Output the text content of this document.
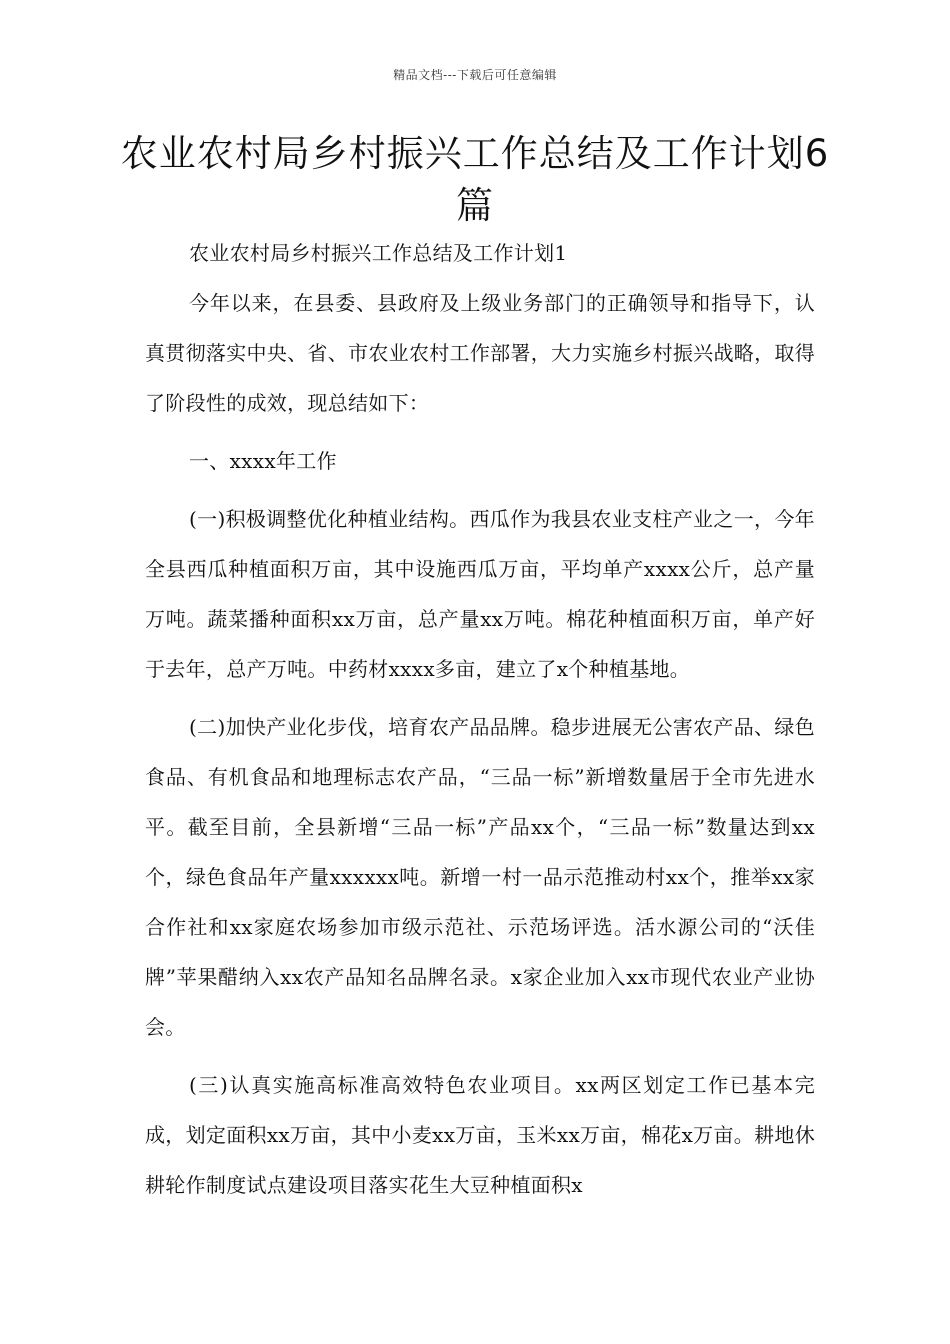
精品文档---下载后可任意编辑
农业农村局乡村振兴工作总结及工作计划6篇

农业农村局乡村振兴工作总结及工作计划1

今年以来，在县委、县政府及上级业务部门的正确领导和指导下，认真贯彻落实中央、省、市农业农村工作部署，大力实施乡村振兴战略，取得了阶段性的成效，现总结如下：

一、xxxx年工作

(一)积极调整优化种植业结构。西瓜作为我县农业支柱产业之一，今年全县西瓜种植面积万亩，其中设施西瓜万亩，平均单产xxxx公斤，总产量万吨。蔬菜播种面积xx万亩，总产量xx万吨。棉花种植面积万亩，单产好于去年，总产万吨。中药材xxxx多亩，建立了x个种植基地。

(二)加快产业化步伐，培育农产品品牌。稳步进展无公害农产品、绿色食品、有机食品和地理标志农产品，“三品一标”新增数量居于全市先进水平。截至目前，全县新增“三品一标”产品xx个，“三品一标”数量达到xx个，绿色食品年产量xxxxxx吨。新增一村一品示范推动村xx个，推举xx家合作社和xx家庭农场参加市级示范社、示范场评选。活水源公司的“沃佳牌”苹果醋纳入xx农产品知名品牌名录。x家企业加入xx市现代农业产业协会。

(三)认真实施高标准高效特色农业项目。xx两区划定工作已基本完成，划定面积xx万亩，其中小麦xx万亩，玉米xx万亩，棉花x万亩。耕地休耕轮作制度试点建设项目落实花生大豆种植面积x
